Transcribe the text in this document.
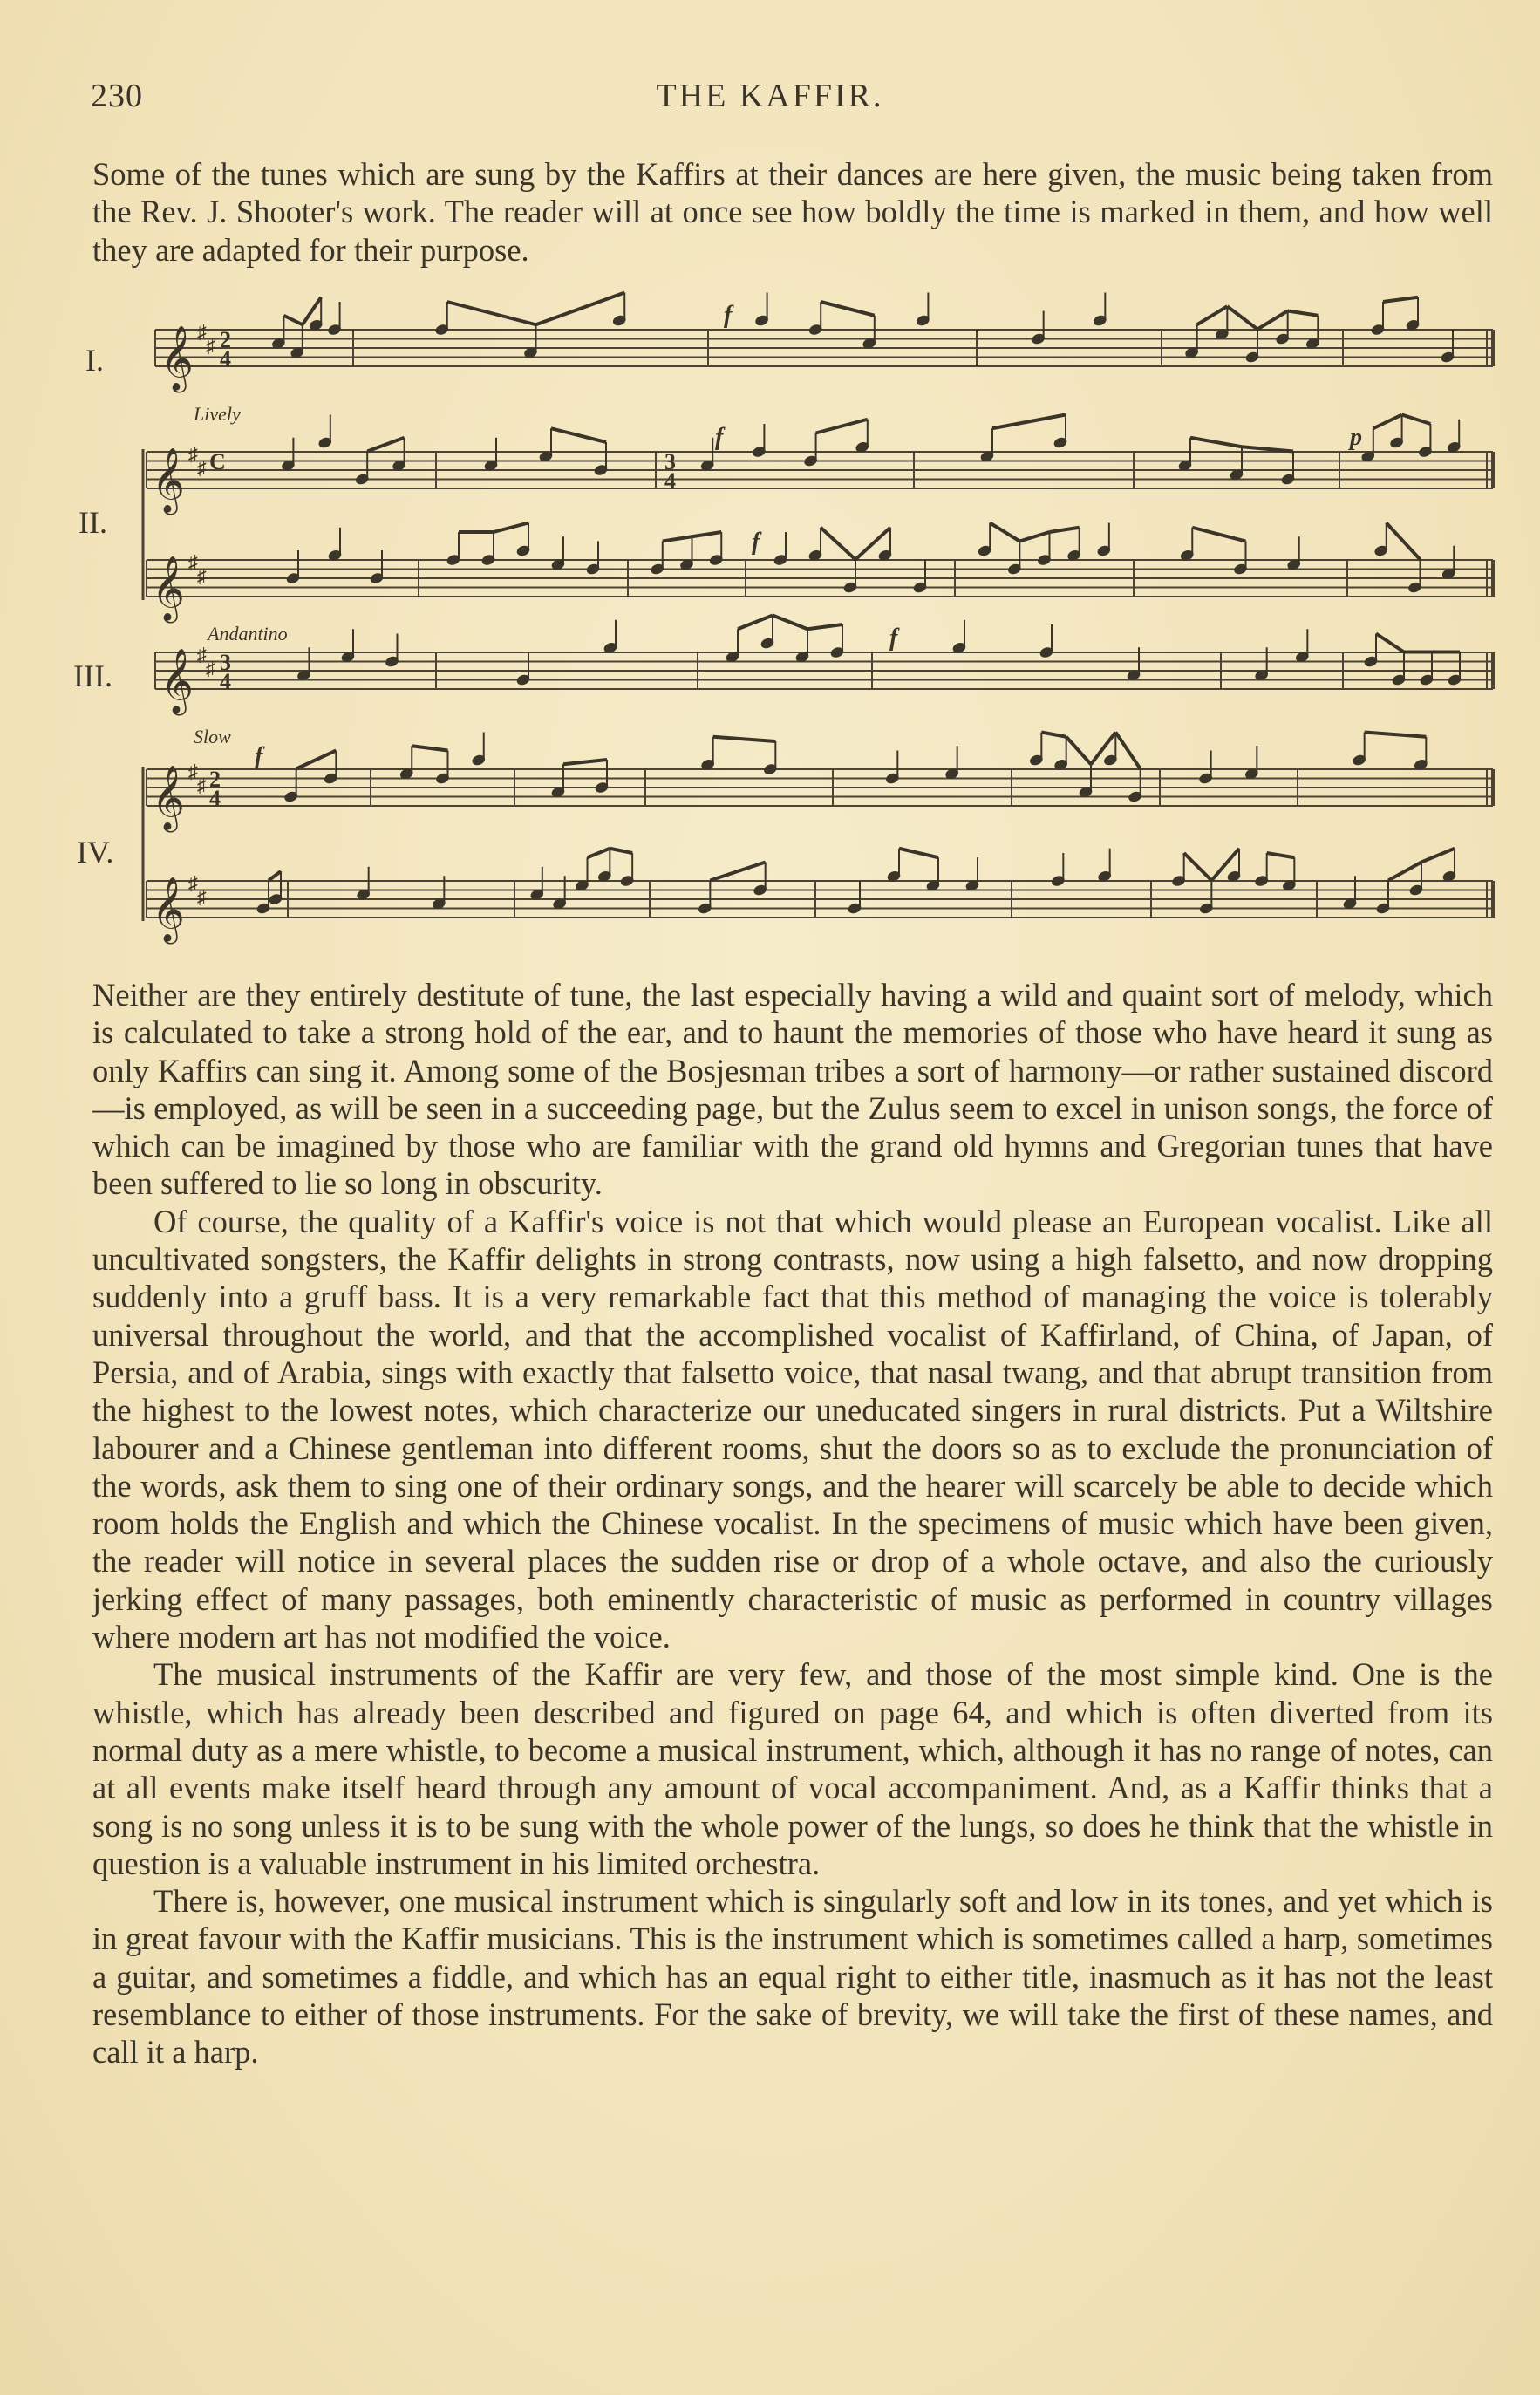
230	THE KAFFIR.

Some of the tunes which are sung by the Kaffirs at their dances are here given, the music being taken from the Rev. J. Shooter's work. The reader will at once see how boldly the time is marked in them, and how well they are adapted for their purpose.

I.
II.
III.
IV.
Lively
Andantino
Slow
𝄞 ♯
♯
𝄞 ♯
♯
𝄞 ♯
♯
𝄞 ♯
♯
𝄞 ♯
♯
𝄞 ♯
♯
2
4
C	3
4
3
4
2
4
f
f
f
p
f
f

Neither are they entirely destitute of tune, the last especially having a wild and quaint sort of melody, which is calculated to take a strong hold of the ear, and to haunt the memories of those who have heard it sung as only Kaffirs can sing it. Among some of the Bosjesman tribes a sort of harmony—or rather sustained discord—is employed, as will be seen in a succeeding page, but the Zulus seem to excel in unison songs, the force of which can be imagined by those who are familiar with the grand old hymns and Gregorian tunes that have been suffered to lie so long in obscurity.

Of course, the quality of a Kaffir's voice is not that which would please an European vocalist. Like all uncultivated songsters, the Kaffir delights in strong contrasts, now using a high falsetto, and now dropping suddenly into a gruff bass. It is a very remarkable fact that this method of managing the voice is tolerably universal throughout the world, and that the accomplished vocalist of Kaffirland, of China, of Japan, of Persia, and of Arabia, sings with exactly that falsetto voice, that nasal twang, and that abrupt transition from the highest to the lowest notes, which characterize our uneducated singers in rural districts. Put a Wiltshire labourer and a Chinese gentleman into different rooms, shut the doors so as to exclude the pronunciation of the words, ask them to sing one of their ordinary songs, and the hearer will scarcely be able to decide which room holds the English and which the Chinese vocalist. In the specimens of music which have been given, the reader will notice in several places the sudden rise or drop of a whole octave, and also the curiously jerking effect of many passages, both eminently characteristic of music as performed in country villages where modern art has not modified the voice.

The musical instruments of the Kaffir are very few, and those of the most simple kind. One is the whistle, which has already been described and figured on page 64, and which is often diverted from its normal duty as a mere whistle, to become a musical instrument, which, although it has no range of notes, can at all events make itself heard through any amount of vocal accompaniment. And, as a Kaffir thinks that a song is no song unless it is to be sung with the whole power of the lungs, so does he think that the whistle in question is a valuable instrument in his limited orchestra.

There is, however, one musical instrument which is singularly soft and low in its tones, and yet which is in great favour with the Kaffir musicians. This is the instrument which is sometimes called a harp, sometimes a guitar, and sometimes a fiddle, and which has an equal right to either title, inasmuch as it has not the least resemblance to either of those instruments. For the sake of brevity, we will take the first of these names, and call it a harp.
